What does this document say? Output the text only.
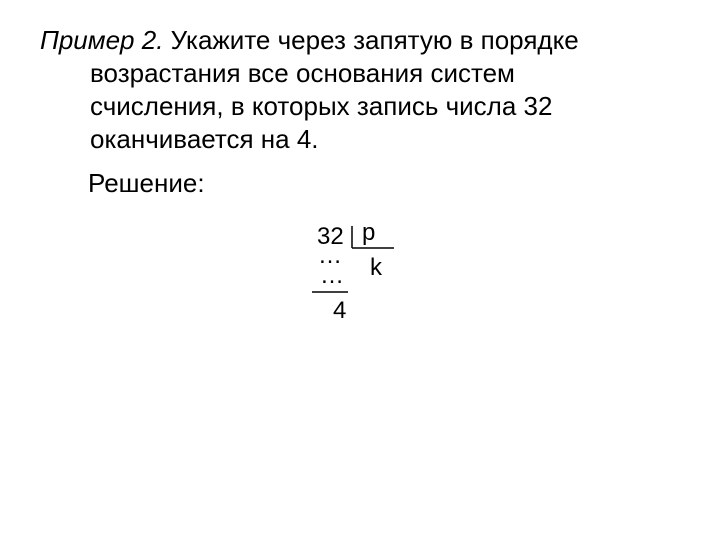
Пример 2. Укажите через запятую в порядке
возрастания все основания систем
счисления, в которых запись числа 32
оканчивается на 4.
Решение:
32 p
… k
…
4
